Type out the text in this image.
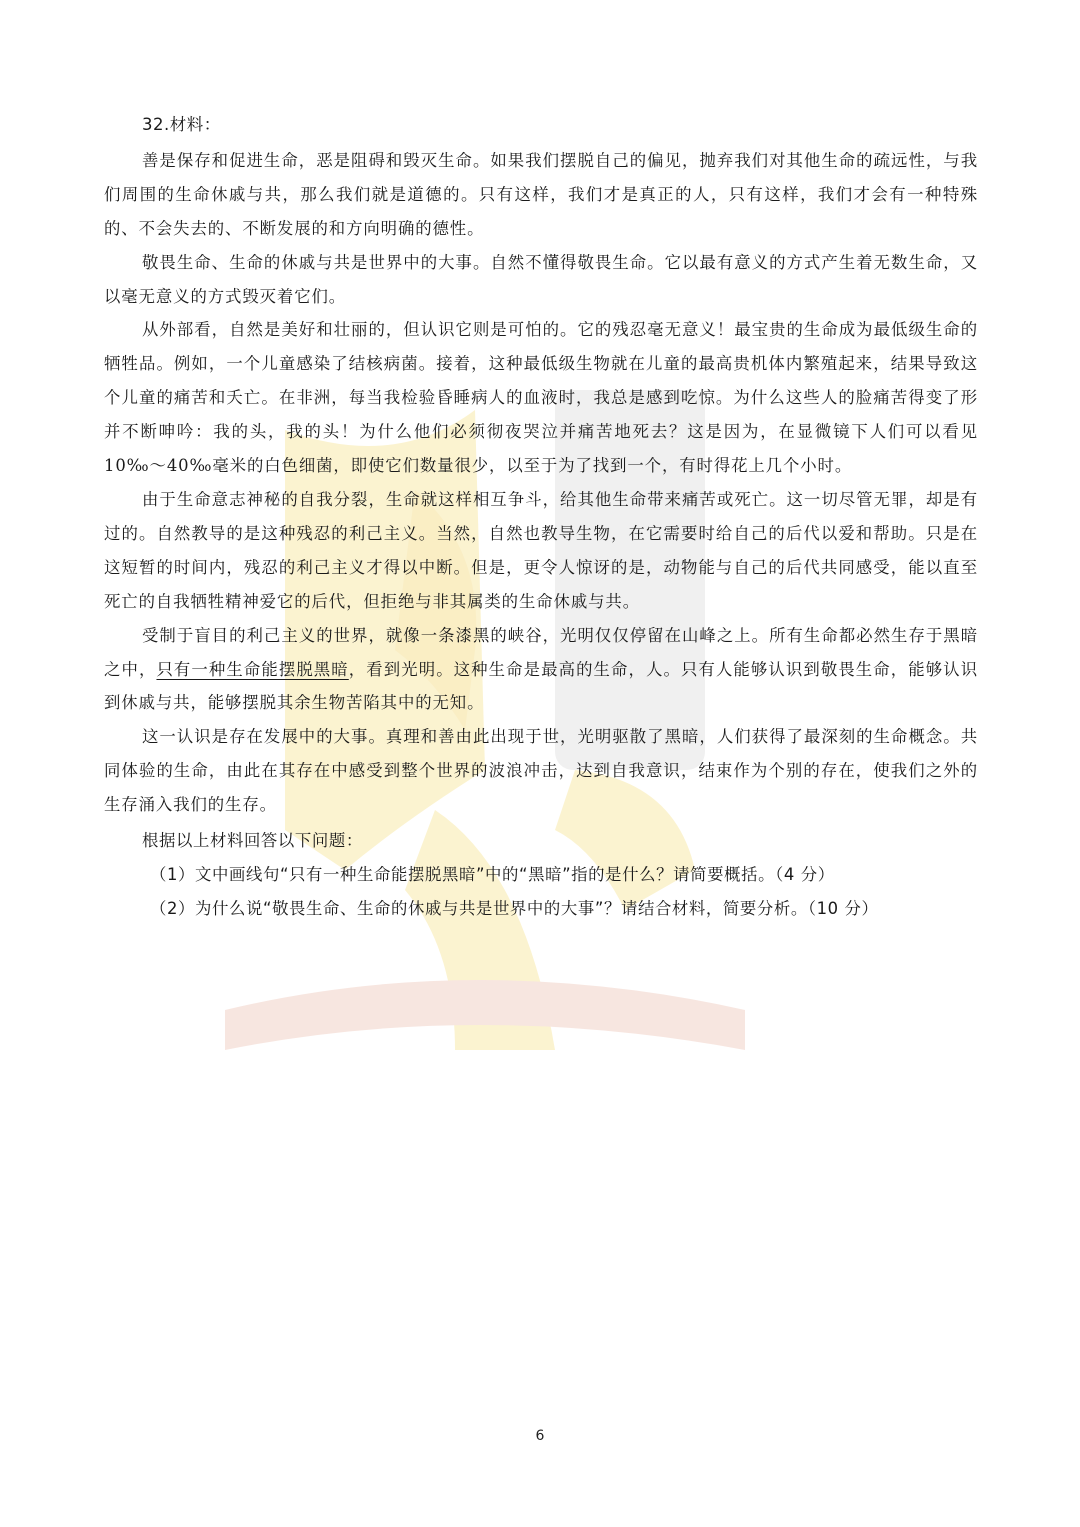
32.材料：

善是保存和促进生命，恶是阻碍和毁灭生命。如果我们摆脱自己的偏见，抛弃我们对其他生命的疏远性，与我们周围的生命休戚与共，那么我们就是道德的。只有这样，我们才是真正的人，只有这样，我们才会有一种特殊的、不会失去的、不断发展的和方向明确的德性。

敬畏生命、生命的休戚与共是世界中的大事。自然不懂得敬畏生命。它以最有意义的方式产生着无数生命，又以毫无意义的方式毁灭着它们。

从外部看，自然是美好和壮丽的，但认识它则是可怕的。它的残忍毫无意义！最宝贵的生命成为最低级生命的牺牲品。例如，一个儿童感染了结核病菌。接着，这种最低级生物就在儿童的最高贵机体内繁殖起来，结果导致这个儿童的痛苦和夭亡。在非洲，每当我检验昏睡病人的血液时，我总是感到吃惊。为什么这些人的脸痛苦得变了形并不断呻吟：我的头，我的头！为什么他们必须彻夜哭泣并痛苦地死去？这是因为，在显微镜下人们可以看见 10‰～40‰毫米的白色细菌，即使它们数量很少，以至于为了找到一个，有时得花上几个小时。

由于生命意志神秘的自我分裂，生命就这样相互争斗，给其他生命带来痛苦或死亡。这一切尽管无罪，却是有过的。自然教导的是这种残忍的利己主义。当然，自然也教导生物，在它需要时给自己的后代以爱和帮助。只是在这短暂的时间内，残忍的利己主义才得以中断。但是，更令人惊讶的是，动物能与自己的后代共同感受，能以直至死亡的自我牺牲精神爱它的后代，但拒绝与非其属类的生命休戚与共。

受制于盲目的利己主义的世界，就像一条漆黑的峡谷，光明仅仅停留在山峰之上。所有生命都必然生存于黑暗之中，只有一种生命能摆脱黑暗，看到光明。这种生命是最高的生命，人。只有人能够认识到敬畏生命，能够认识到休戚与共，能够摆脱其余生物苦陷其中的无知。

这一认识是存在发展中的大事。真理和善由此出现于世，光明驱散了黑暗，人们获得了最深刻的生命概念。共同体验的生命，由此在其存在中感受到整个世界的波浪冲击，达到自我意识，结束作为个别的存在，使我们之外的生存涌入我们的生存。

根据以上材料回答以下问题：
（1）文中画线句“只有一种生命能摆脱黑暗”中的“黑暗”指的是什么？请简要概括。（4 分）
（2）为什么说“敬畏生命、生命的休戚与共是世界中的大事”？请结合材料，简要分析。（10 分）
6
